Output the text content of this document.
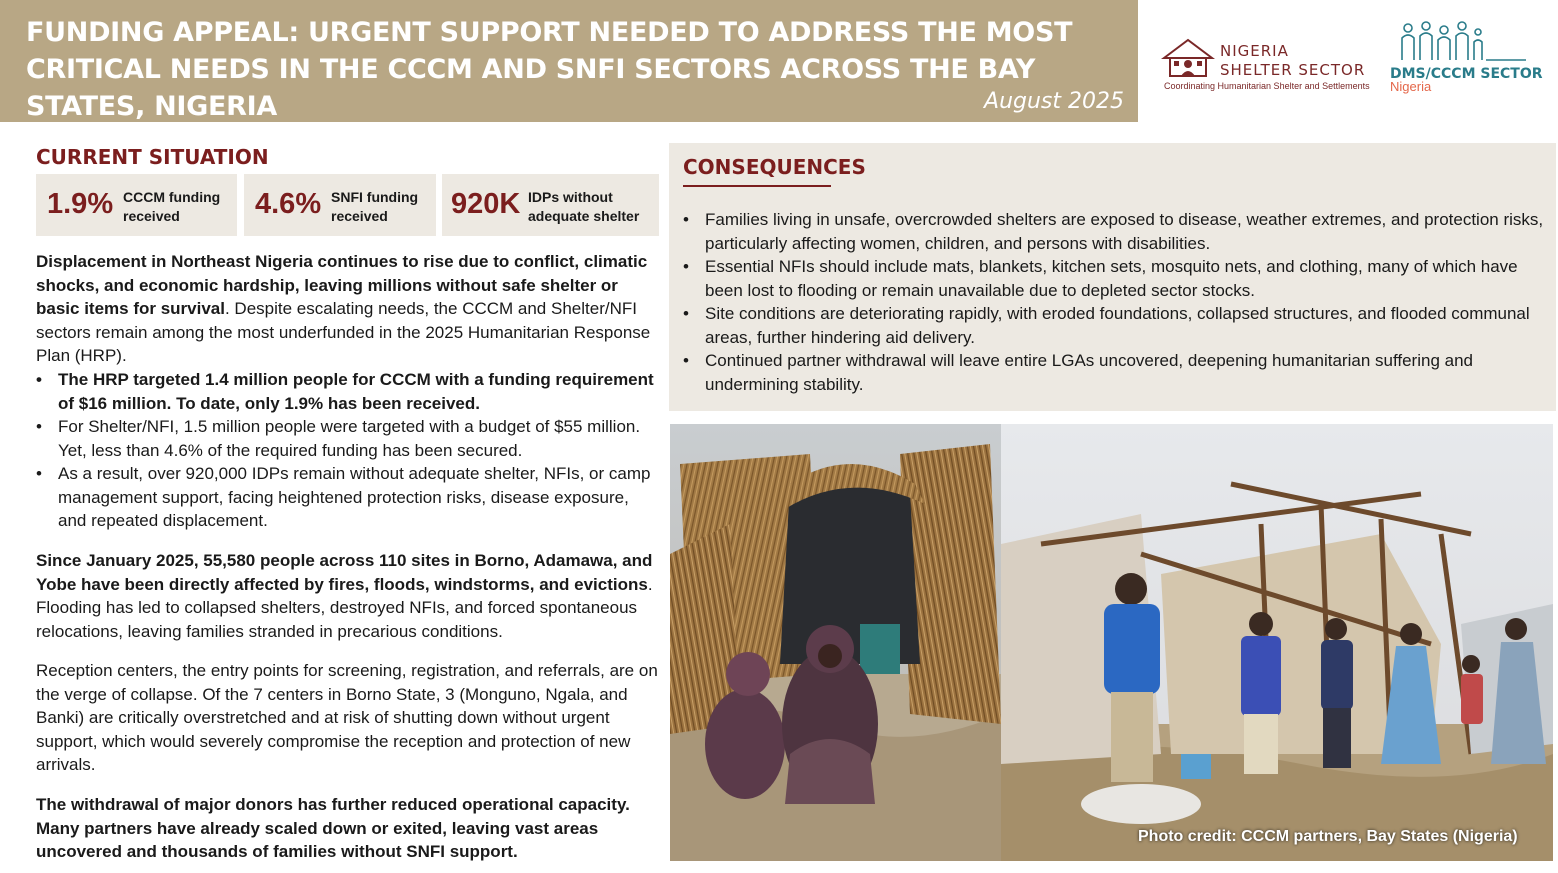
FUNDING APPEAL: URGENT SUPPORT NEEDED TO ADDRESS THE MOST CRITICAL NEEDS IN THE CCCM AND SNFI SECTORS ACROSS THE BAY STATES, NIGERIA	August 2025
NIGERIA
SHELTER SECTOR
Coordinating Humanitarian Shelter and Settlements
DMS/CCCM SECTOR
Nigeria
CURRENT SITUATION
1.9% CCCM funding received	4.6% SNFI funding received	920K IDPs without adequate shelter

Displacement in Northeast Nigeria continues to rise due to conflict, climatic shocks, and economic hardship, leaving millions without safe shelter or basic items for survival. Despite escalating needs, the CCCM and Shelter/NFI sectors remain among the most underfunded in the 2025 Humanitarian Response Plan (HRP).

• The HRP targeted 1.4 million people for CCCM with a funding requirement of $16 million. To date, only 1.9% has been received.
• For Shelter/NFI, 1.5 million people were targeted with a budget of $55 million. Yet, less than 4.6% of the required funding has been secured.
• As a result, over 920,000 IDPs remain without adequate shelter, NFIs, or camp management support, facing heightened protection risks, disease exposure, and repeated displacement.

Since January 2025, 55,580 people across 110 sites in Borno, Adamawa, and Yobe have been directly affected by fires, floods, windstorms, and evictions. Flooding has led to collapsed shelters, destroyed NFIs, and forced spontaneous relocations, leaving families stranded in precarious conditions.

Reception centers, the entry points for screening, registration, and referrals, are on the verge of collapse. Of the 7 centers in Borno State, 3 (Monguno, Ngala, and Banki) are critically overstretched and at risk of shutting down without urgent support, which would severely compromise the reception and protection of new arrivals.

The withdrawal of major donors has further reduced operational capacity. Many partners have already scaled down or exited, leaving vast areas uncovered and thousands of families without SNFI support.

CONSEQUENCES
• Families living in unsafe, overcrowded shelters are exposed to disease, weather extremes, and protection risks, particularly affecting women, children, and persons with disabilities.
• Essential NFIs should include mats, blankets, kitchen sets, mosquito nets, and clothing, many of which have been lost to flooding or remain unavailable due to depleted sector stocks.
• Site conditions are deteriorating rapidly, with eroded foundations, collapsed structures, and flooded communal areas, further hindering aid delivery.
• Continued partner withdrawal will leave entire LGAs uncovered, deepening humanitarian suffering and undermining stability.
Photo credit: CCCM partners, Bay States (Nigeria)
